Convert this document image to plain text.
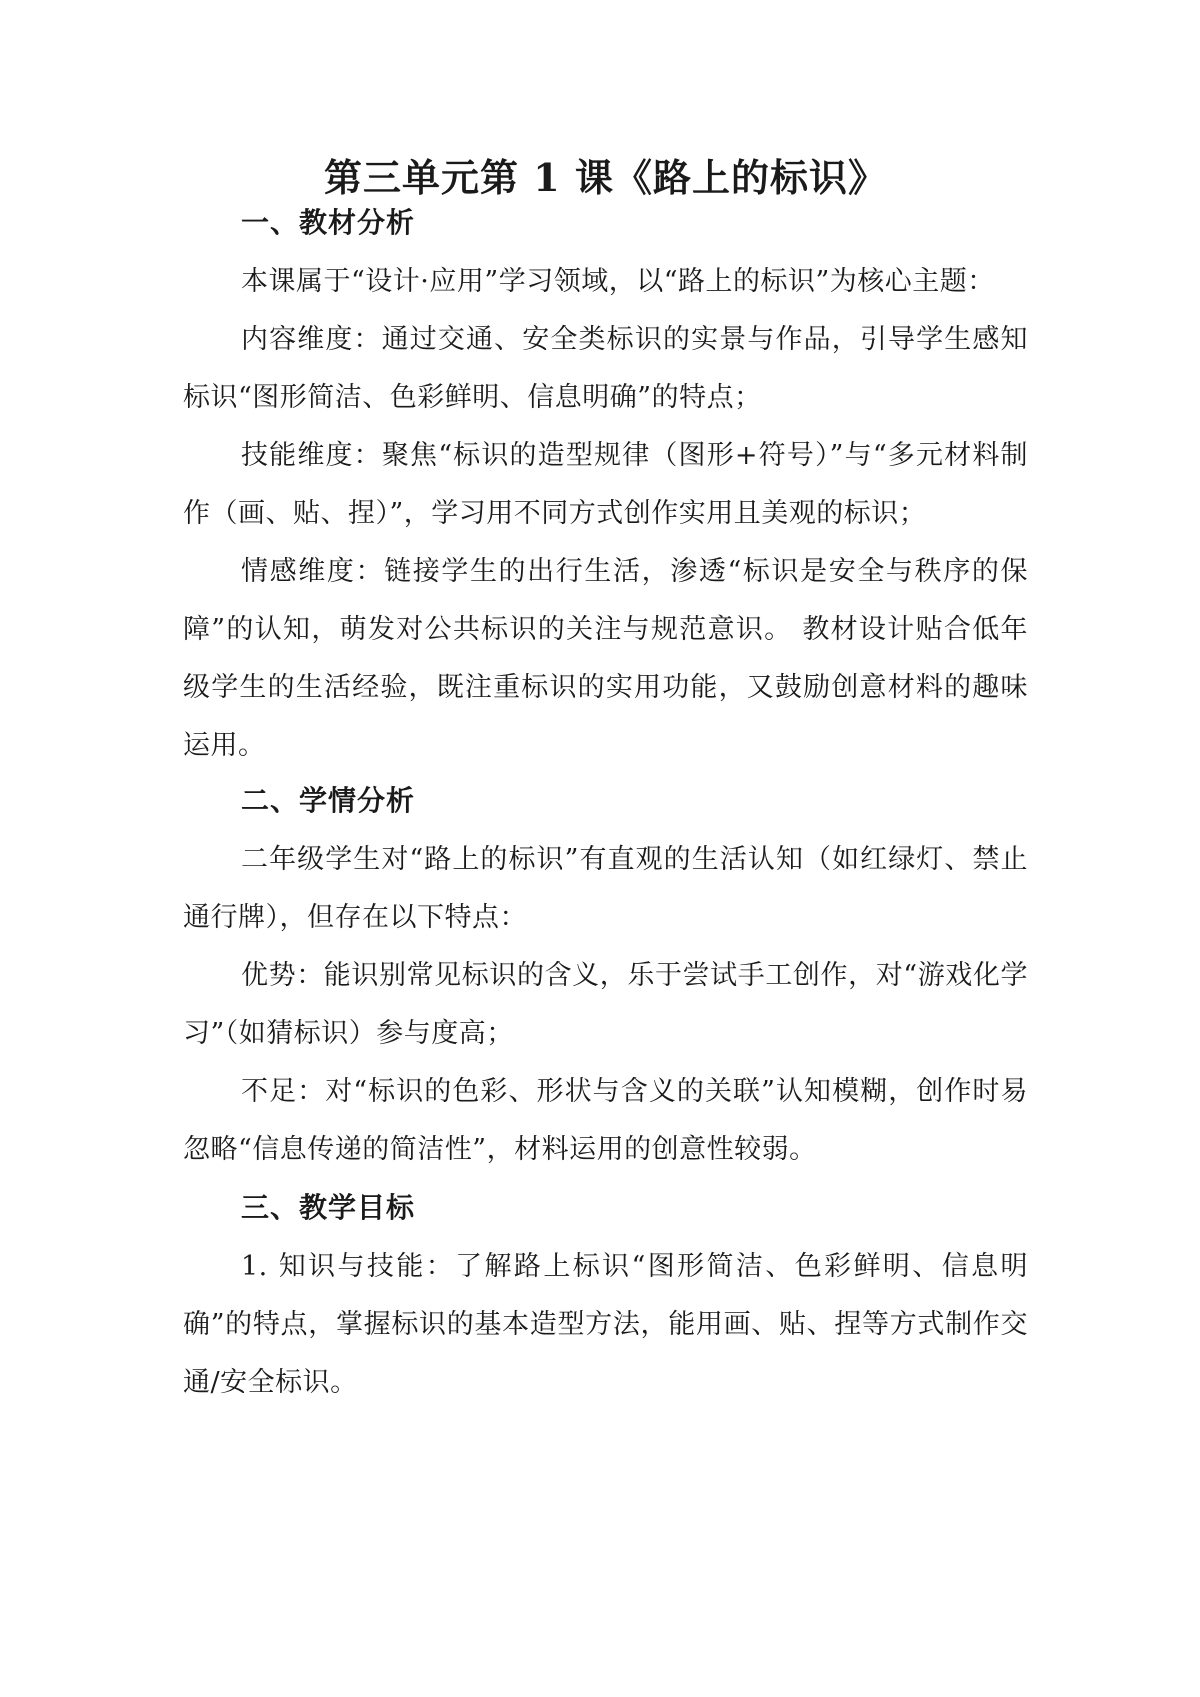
第三单元第 1 课《路上的标识》
一、教材分析
本课属于“设计·应用”学习领域，以“路上的标识”为核心主题：
内容维度：通过交通、安全类标识的实景与作品，引导学生感知标识“图形简洁、色彩鲜明、信息明确”的特点；
技能维度：聚焦“标识的造型规律（图形+符号）”与“多元材料制作（画、贴、捏）”，学习用不同方式创作实用且美观的标识；
情感维度：链接学生的出行生活，渗透“标识是安全与秩序的保障”的认知，萌发对公共标识的关注与规范意识。 教材设计贴合低年级学生的生活经验，既注重标识的实用功能，又鼓励创意材料的趣味运用。
二、学情分析
二年级学生对“路上的标识”有直观的生活认知（如红绿灯、禁止通行牌），但存在以下特点：
优势：能识别常见标识的含义，乐于尝试手工创作，对“游戏化学习”（如猜标识）参与度高；
不足：对“标识的色彩、形状与含义的关联”认知模糊，创作时易忽略“信息传递的简洁性”，材料运用的创意性较弱。
三、教学目标
1. 知识与技能：了解路上标识“图形简洁、色彩鲜明、信息明确”的特点，掌握标识的基本造型方法，能用画、贴、捏等方式制作交通/安全标识。
